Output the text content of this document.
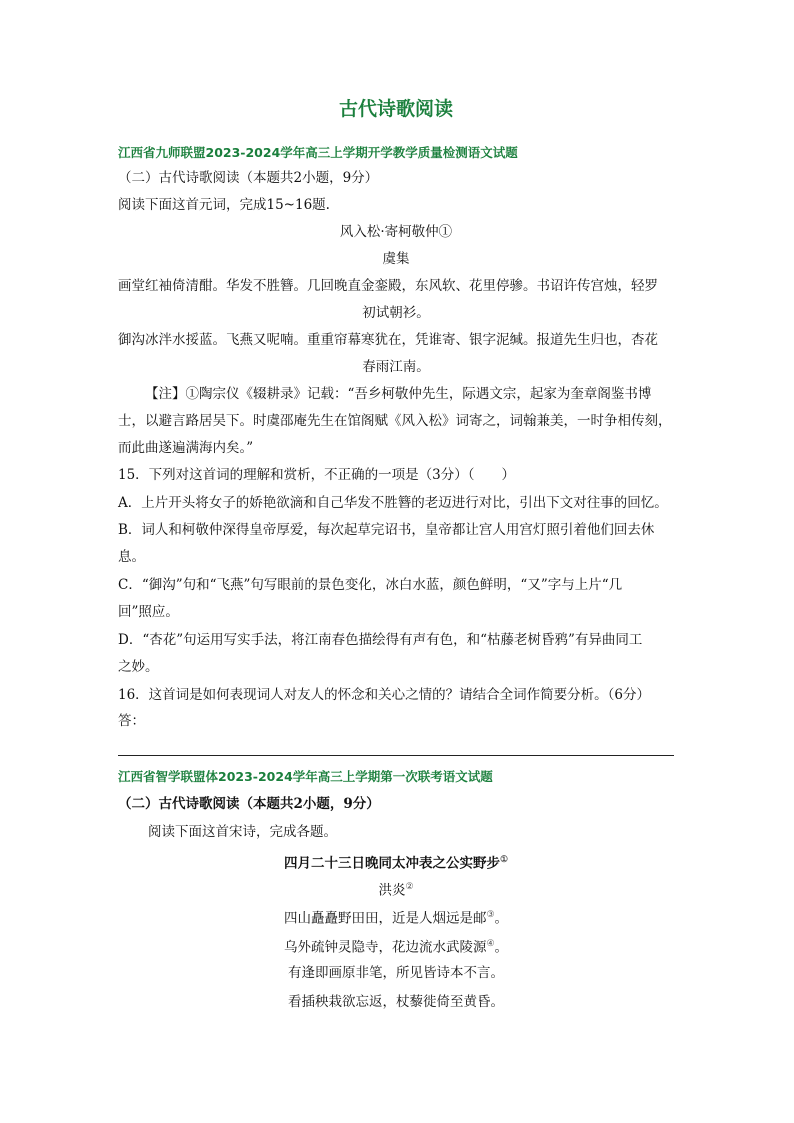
古代诗歌阅读
江西省九师联盟2023-2024学年高三上学期开学教学质量检测语文试题
（二）古代诗歌阅读（本题共2小题，9分）
阅读下面这首元词，完成15~16题.
风入松·寄柯敬仲①
虞集
画堂红袖倚清酣。华发不胜簪。几回晚直金銮殿，东风软、花里停骖。书诏许传宫烛，轻罗
初试朝衫。
御沟冰泮水挼蓝。飞燕又呢喃。重重帘幕寒犹在，凭谁寄、银字泥缄。报道先生归也，杏花
春雨江南。
【注】①陶宗仪《辍耕录》记载：“吾乡柯敬仲先生，际遇文宗，起家为奎章阁鉴书博
士，以避言路居吴下。时虞邵庵先生在馆阁赋《风入松》词寄之，词翰兼美，一时争相传刻，
而此曲遂遍满海内矣。”
15．下列对这首词的理解和赏析，不正确的一项是（3分）（　　）
A．上片开头将女子的娇艳欲滴和自己华发不胜簪的老迈进行对比，引出下文对往事的回忆。
B．词人和柯敬仲深得皇帝厚爱，每次起草完诏书，皇帝都让宫人用宫灯照引着他们回去休
息。
C．“御沟”句和“飞燕”句写眼前的景色变化，冰白水蓝，颜色鲜明，“又”字与上片“几
回”照应。
D．“杏花”句运用写实手法，将江南春色描绘得有声有色，和“枯藤老树昏鸦”有异曲同工
之妙。
16．这首词是如何表现词人对友人的怀念和关心之情的？请结合全词作简要分析。（6分）
答：
江西省智学联盟体2023-2024学年高三上学期第一次联考语文试题
（二）古代诗歌阅读（本题共2小题，9分）
阅读下面这首宋诗，完成各题。
四月二十三日晚同太冲表之公实野步①
洪炎②
四山矗矗野田田，近是人烟远是邮③。
乌外疏钟灵隐寺，花边流水武陵源④。
有逢即画原非笔，所见皆诗本不言。
看插秧栽欲忘返，杖藜徙倚至黄昏。
